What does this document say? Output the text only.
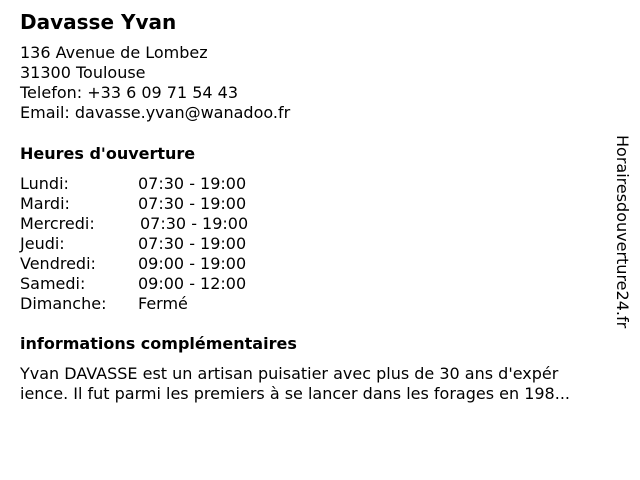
Davasse Yvan
136 Avenue de Lombez
31300 Toulouse
Telefon: +33 6 09 71 54 43
Email: davasse.yvan@wanadoo.fr
Heures d'ouverture
Lundi:	07:30 - 19:00
Mardi:	07:30 - 19:00
Mercredi:	07:30 - 19:00
Jeudi:	07:30 - 19:00
Vendredi:	09:00 - 19:00
Samedi:	09:00 - 12:00
Dimanche: Fermé
informations complémentaires
Yvan DAVASSE est un artisan puisatier avec plus de 30 ans d'expér
ience. Il fut parmi les premiers à se lancer dans les forages en 198...
Horairesdouverture24.fr
